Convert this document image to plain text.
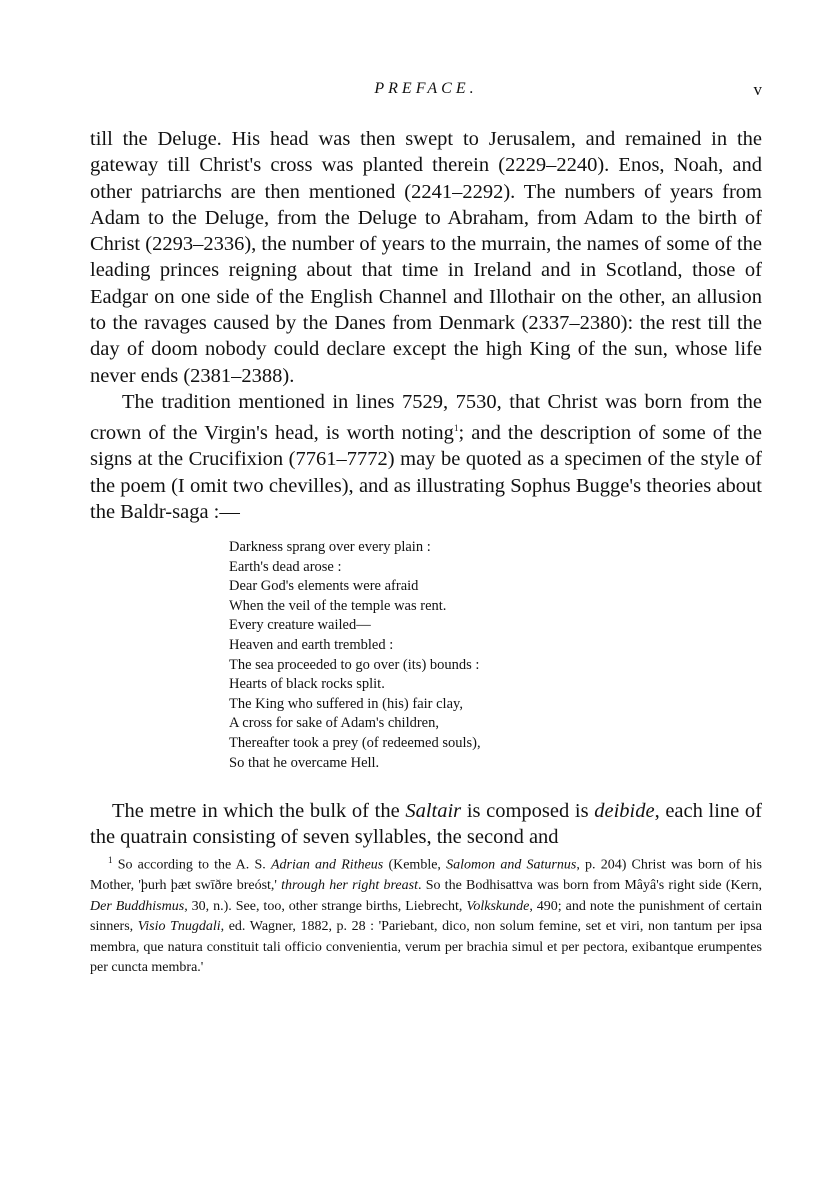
PREFACE.	v

till the Deluge. His head was then swept to Jerusalem, and remained in the gateway till Christ's cross was planted therein (2229–2240). Enos, Noah, and other patriarchs are then mentioned (2241–2292). The numbers of years from Adam to the Deluge, from the Deluge to Abraham, from Adam to the birth of Christ (2293–2336), the number of years to the murrain, the names of some of the leading princes reigning about that time in Ireland and in Scotland, those of Eadgar on one side of the English Channel and Illothair on the other, an allusion to the ravages caused by the Danes from Denmark (2337–2380): the rest till the day of doom nobody could declare except the high King of the sun, whose life never ends (2381–2388).

The tradition mentioned in lines 7529, 7530, that Christ was born from the crown of the Virgin's head, is worth noting$^1$; and the description of some of the signs at the Crucifixion (7761–7772) may be quoted as a specimen of the style of the poem (I omit two chevilles), and as illustrating Sophus Bugge's theories about the Baldr-saga :—

Darkness sprang over every plain :

Earth's dead arose :

Dear God's elements were afraid

When the veil of the temple was rent.

Every creature wailed—

Heaven and earth trembled :

The sea proceeded to go over (its) bounds :

Hearts of black rocks split.

The King who suffered in (his) fair clay,

A cross for sake of Adam's children,

Thereafter took a prey (of redeemed souls),

So that he overcame Hell.

The metre in which the bulk of the Saltair is composed is deibide, each line of the quatrain consisting of seven syllables, the second and

$^1$ So according to the A. S. Adrian and Ritheus (Kemble, Salomon and Saturnus, p. 204) Christ was born of his Mother, 'þurh þæt swīðre breóst,' through her right breast. So the Bodhisattva was born from Mâyâ's right side (Kern, Der Buddhismus, 30, n.). See, too, other strange births, Liebrecht, Volkskunde, 490; and note the punishment of certain sinners, Visio Tnugdali, ed. Wagner, 1882, p. 28 : 'Pariebant, dico, non solum femine, set et viri, non tantum per ipsa membra, que natura constituit tali officio convenientia, verum per brachia simul et per pectora, exibantque erumpentes per cuncta membra.'
